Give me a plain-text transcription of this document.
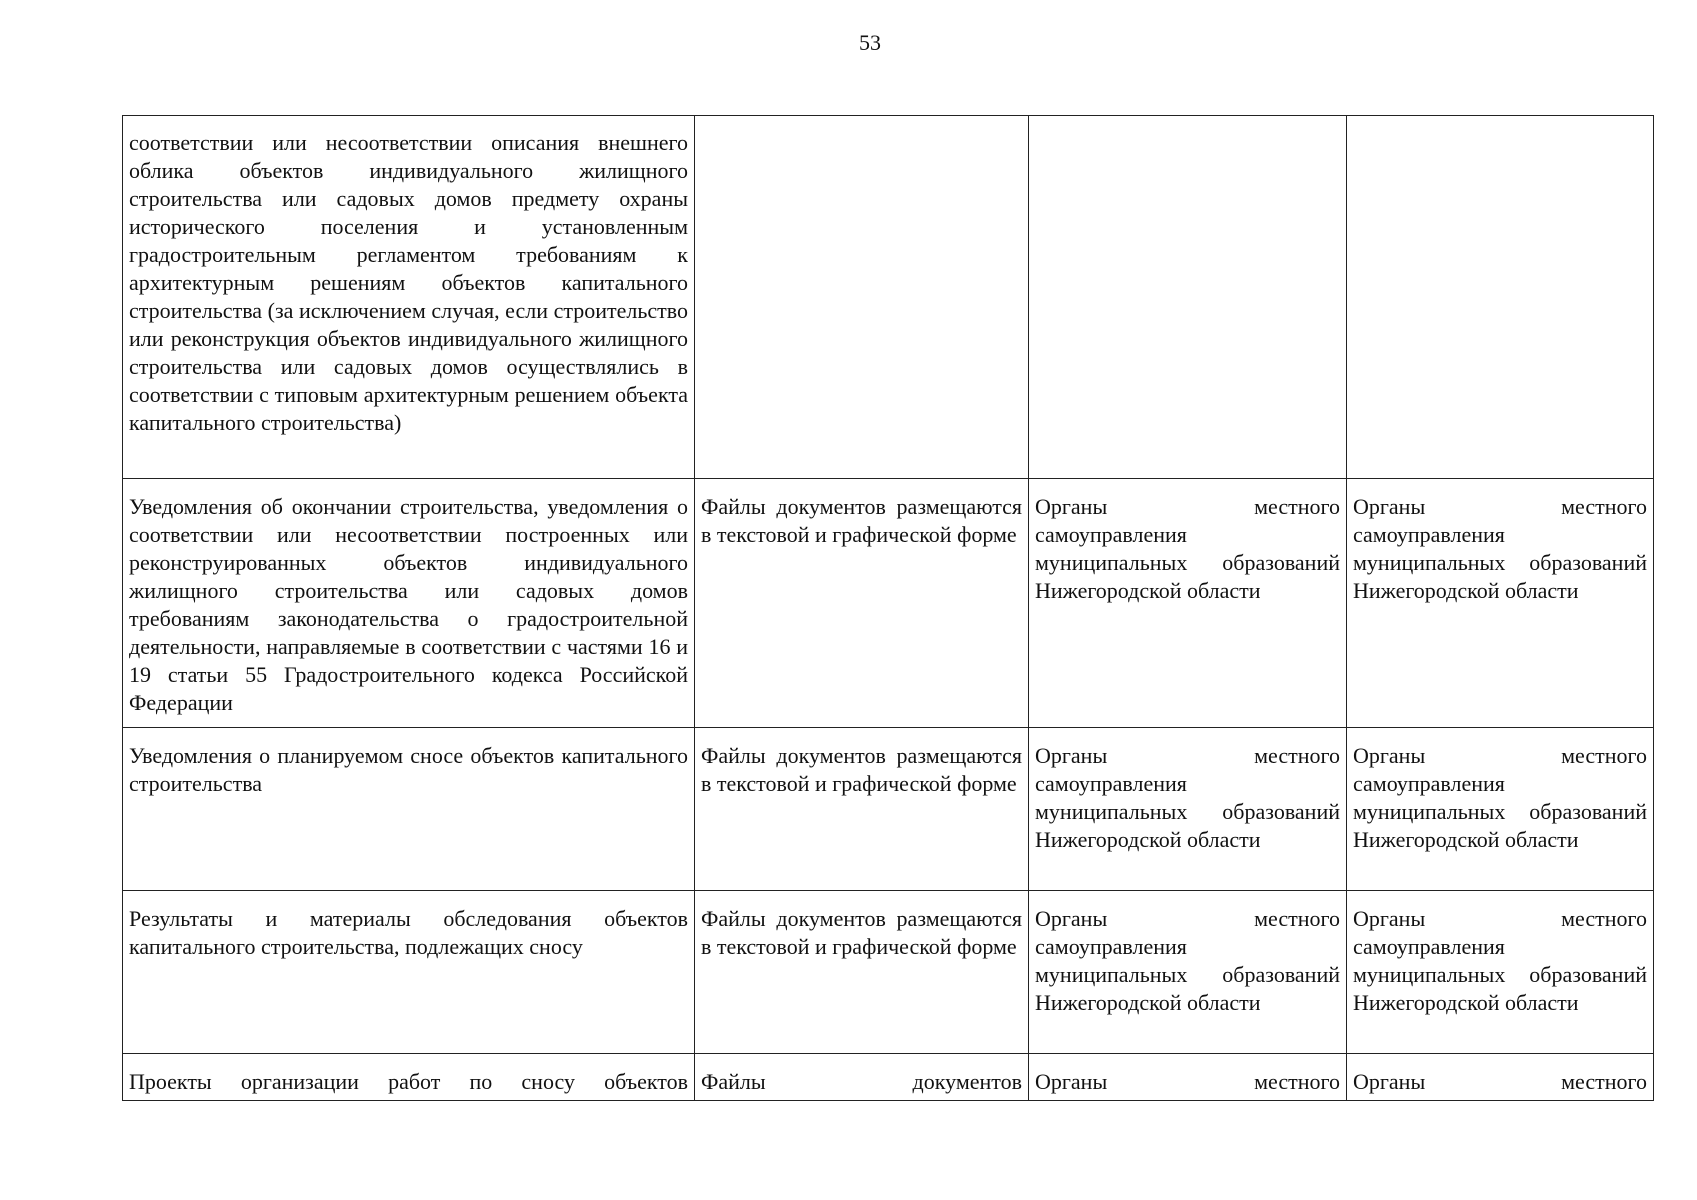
53
соответствии или несоответствии описания внешнего облика объектов индивидуального жилищного строительства или садовых домов предмету охраны исторического поселения и установленным градостроительным регламентом требованиям к архитектурным решениям объектов капитального строительства (за исключением случая, если строительство или реконструкция объектов индивидуального жилищного строительства или садовых домов осуществлялись в соответствии с типовым архитектурным решением объекта капитального строительства)			
Уведомления об окончании строительства, уведомления о соответствии или несоответствии построенных или реконструированных объектов индивидуального жилищного строительства или садовых домов требованиям законодательства о градостроительной деятельности, направляемые в соответствии с частями 16 и 19 статьи 55 Градостроительного кодекса Российской Федерации	Файлы документов размещаются в текстовой и графической форме	Органы местного самоуправления муниципальных образований Нижегородской области	Органы местного самоуправления муниципальных образований Нижегородской области
Уведомления о планируемом сносе объектов капитального строительства	Файлы документов размещаются в текстовой и графической форме	Органы местного самоуправления муниципальных образований Нижегородской области	Органы местного самоуправления муниципальных образований Нижегородской области
Результаты и материалы обследования объектов капитального строительства, подлежащих сносу	Файлы документов размещаются в текстовой и графической форме	Органы местного самоуправления муниципальных образований Нижегородской области	Органы местного самоуправления муниципальных образований Нижегородской области

Проекты организации работ по сносу объектов	Файлы документов	Органы местного	Органы местного
